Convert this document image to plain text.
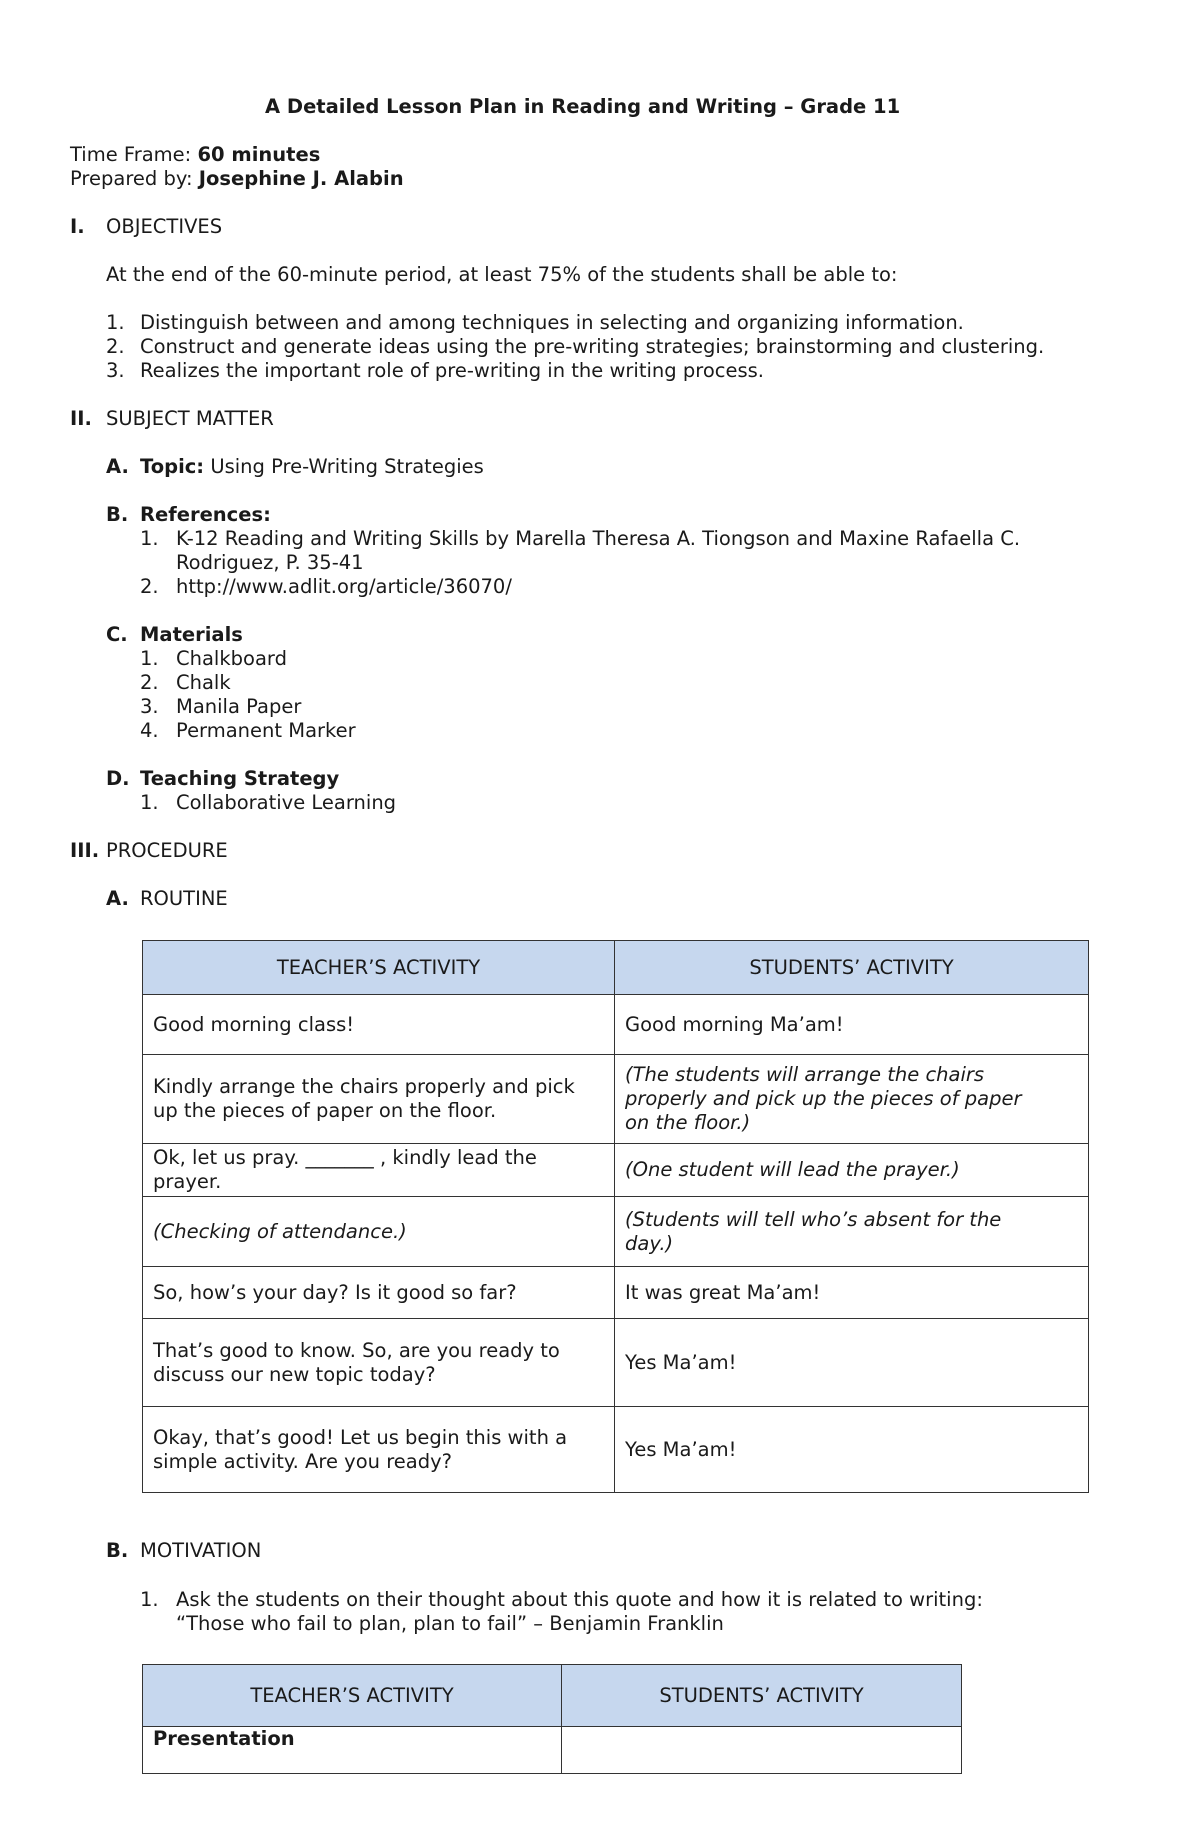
A Detailed Lesson Plan in Reading and Writing – Grade 11
Time Frame: 60 minutes
Prepared by: Josephine J. Alabin
I. OBJECTIVES
At the end of the 60-minute period, at least 75% of the students shall be able to:
1. Distinguish between and among techniques in selecting and organizing information.
2. Construct and generate ideas using the pre-writing strategies; brainstorming and clustering.
3. Realizes the important role of pre-writing in the writing process.
II. SUBJECT MATTER
A. Topic: Using Pre-Writing Strategies
B. References:
1. K-12 Reading and Writing Skills by Marella Theresa A. Tiongson and Maxine Rafaella C.
Rodriguez, P. 35-41
2. http://www.adlit.org/article/36070/
C. Materials
1. Chalkboard
2. Chalk
3. Manila Paper
4. Permanent Marker
D. Teaching Strategy
1. Collaborative Learning
III. PROCEDURE
A. ROUTINE
TEACHER’S ACTIVITY	STUDENTS’ ACTIVITY

Good morning class!	Good morning Ma’am!

Kindly arrange the chairs properly and pick
up the pieces of paper on the floor.	(The students will arrange the chairs
properly and pick up the pieces of paper
on the floor.)

Ok, let us pray. _______ , kindly lead the
prayer.	(One student will lead the prayer.)

(Checking of attendance.)	(Students will tell who’s absent for the
day.)

So, how’s your day? Is it good so far?	It was great Ma’am!

That’s good to know. So, are you ready to
discuss our new topic today?	Yes Ma’am!

Okay, that’s good! Let us begin this with a
simple activity. Are you ready?	Yes Ma’am!
B. MOTIVATION
1. Ask the students on their thought about this quote and how it is related to writing:
“Those who fail to plan, plan to fail” – Benjamin Franklin
TEACHER’S ACTIVITY	STUDENTS’ ACTIVITY

Presentation	
